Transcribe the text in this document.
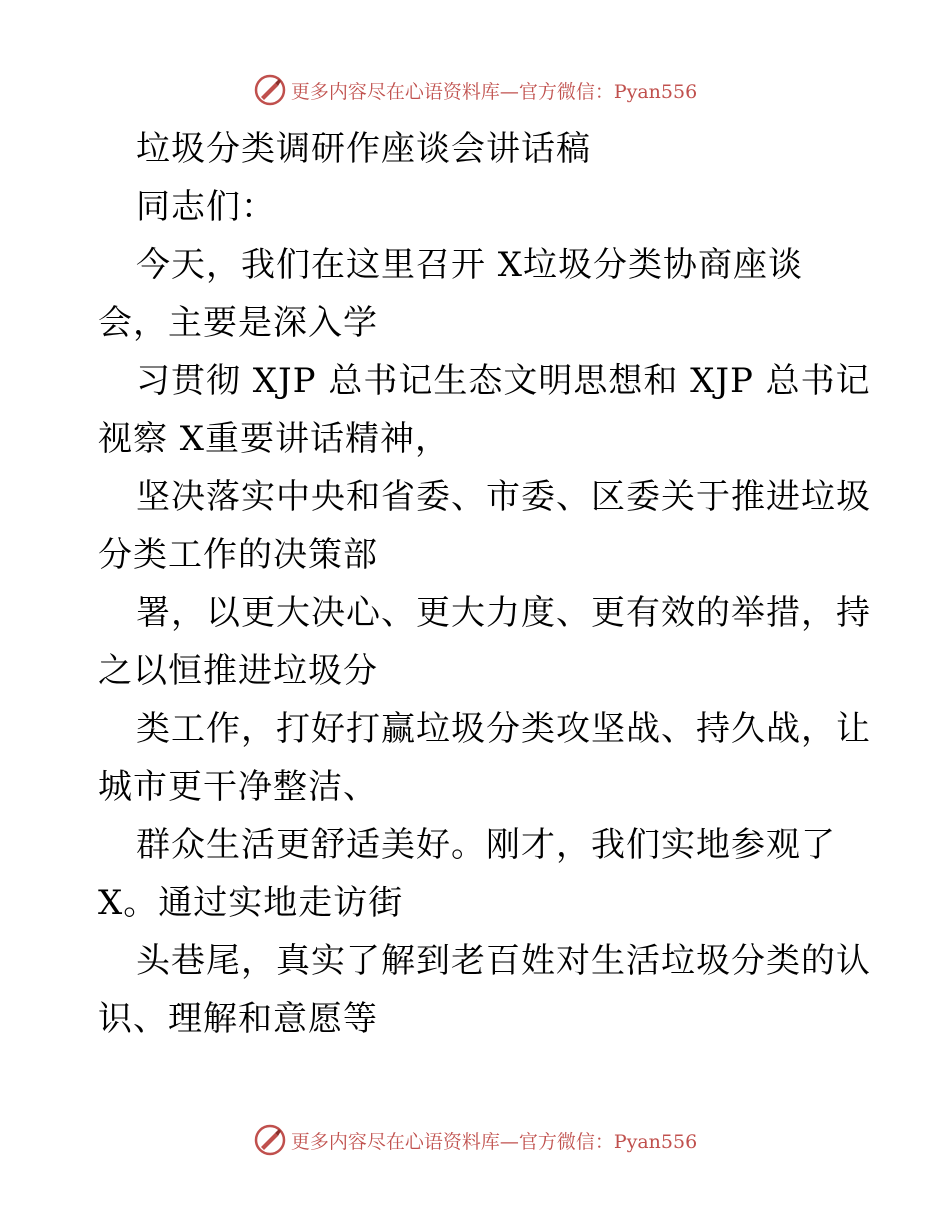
更多内容尽在心语资料库—官方微信：Pyan556
垃圾分类调研作座谈会讲话稿
同志们：
今天，我们在这里召开 X垃圾分类协商座谈
会，主要是深入学
习贯彻 XJP 总书记生态文明思想和 XJP 总书记
视察 X重要讲话精神，
坚决落实中央和省委、市委、区委关于推进垃圾
分类工作的决策部
署，以更大决心、更大力度、更有效的举措，持
之以恒推进垃圾分
类工作，打好打赢垃圾分类攻坚战、持久战，让
城市更干净整洁、
群众生活更舒适美好。刚才，我们实地参观了
X。通过实地走访街
头巷尾，真实了解到老百姓对生活垃圾分类的认
识、理解和意愿等
更多内容尽在心语资料库—官方微信：Pyan556
